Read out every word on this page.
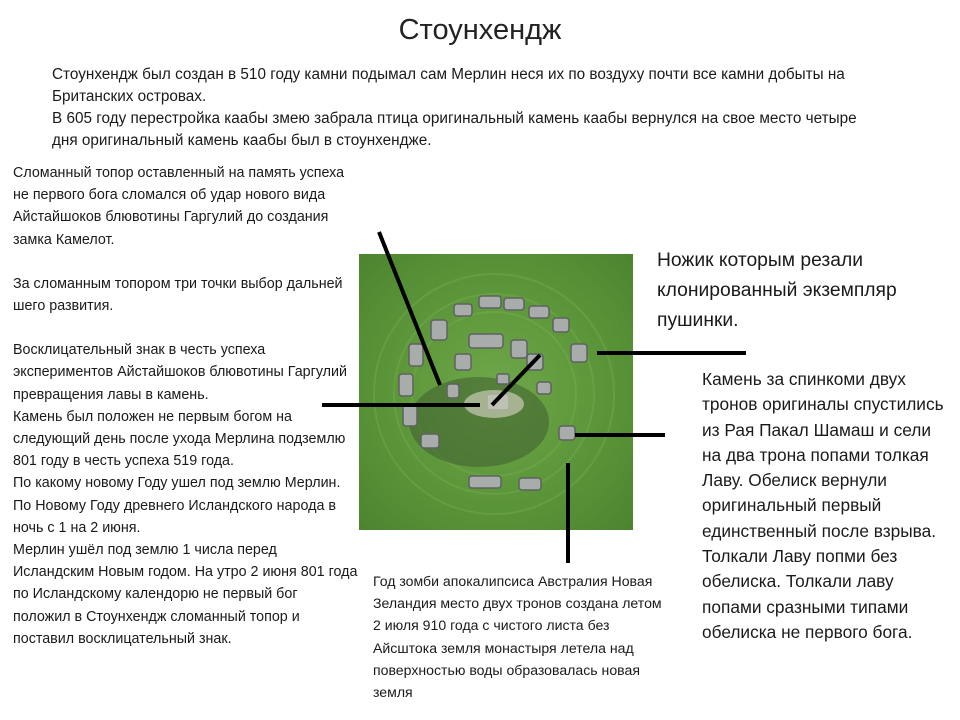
Стоунхендж

Стоунхендж был создан в 510 году камни подымал сам Мерлин неся их по воздуху почти все камни добыты на Британских островах.

В 605 году перестройка каабы змею забрала птица оригинальный камень каабы вернулся на свое место четыре дня оригинальный камень каабы был в стоунхендже.

Сломанный топор оставленный на память успеха не первого бога сломался об удар нового вида Айстайшоков блювотины Гаргулий до создания замка Камелот.

За сломанным топором три точки выбор дальней шего развития.

Восклицательный знак в честь успеха экспериментов Айстайшоков блювотины Гаргулий превращения лавы в камень.

Камень был положен не первым богом на следующий день после ухода Мерлина подземлю 801 году в честь успеха 519 года.

По какому новому Году ушел под землю Мерлин.

По Новому Году древнего Исландского народа в ночь с 1 на 2 июня.

Мерлин ушёл под землю 1 числа перед Исландским Новым годом. На утро 2 июня 801 года по Исландскому календорю не первый бог положил в Стоунхендж сломанный топор и поставил восклицательный знак.

Ножик которым резали клонированный экземпляр пушинки.

Камень за спинкоми двух тронов оригиналы спустились из Рая Пакал Шамаш и сели на два трона попами толкая Лаву. Обелиск вернули оригинальный первый единственный после взрыва.

Толкали Лаву попми без обелиска. Толкали лаву попами сразными типами обелиска не первого бога.

Год зомби апокалипсиса Австралия Новая Зеландия место двух тронов создана летом 2 июля 910 года с чистого листа без Айсштока земля монастыря летела над поверхностью воды образовалась новая земля
